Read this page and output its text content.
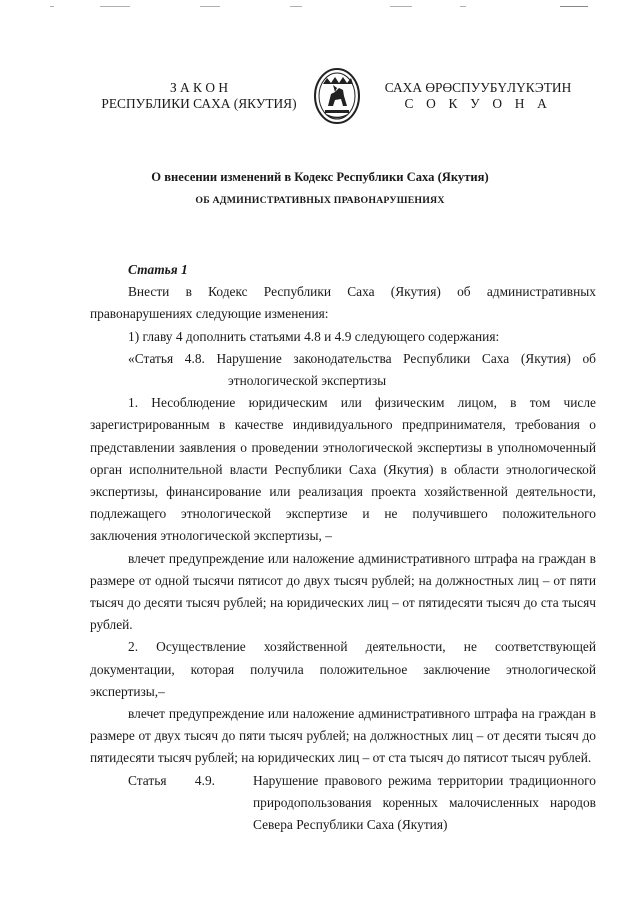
З А К О Н
РЕСПУБЛИКИ САХА (ЯКУТИЯ)
САХА ӨРӨСПУУБҮЛҮКЭТИН
С О К У О Н А
О внесении изменений в Кодекс Республики Саха (Якутия)
ОБ АДМИНИСТРАТИВНЫХ ПРАВОНАРУШЕНИЯХ

Статья 1

Внести в Кодекс Республики Саха (Якутия) об административных

правонарушениях следующие изменения:

1) главу 4 дополнить статьями 4.8 и 4.9 следующего содержания:

«Статья 4.8. Нарушение законодательства Республики Саха (Якутия) об

этнологической экспертизы

1. Несоблюдение юридическим или физическим лицом, в том числе зарегистрированным в качестве индивидуального предпринимателя, требования о представлении заявления о проведении этнологической экспертизы в уполномоченный орган исполнительной власти Республики Саха (Якутия) в области этнологической экспертизы, финансирование или реализация проекта хозяйственной деятельности, подлежащего этнологической экспертизе и не получившего положительного заключения этнологической экспертизы, –

влечет предупреждение или наложение административного штрафа на граждан в размере от одной тысячи пятисот до двух тысяч рублей; на должностных лиц – от пяти тысяч до десяти тысяч рублей; на юридических лиц – от пятидесяти тысяч до ста тысяч рублей.

2. Осуществление хозяйственной деятельности, не соответствующей документации, которая получила положительное заключение этнологической экспертизы,–

влечет предупреждение или наложение административного штрафа на граждан в размере от двух тысяч до пяти тысяч рублей; на должностных лиц – от десяти тысяч до пятидесяти тысяч рублей; на юридических лиц – от ста тысяч до пятисот тысяч рублей.

Статья 4.9.	Нарушение правового режима территории традиционного природопользования коренных малочисленных народов Севера Республики Саха (Якутия)
